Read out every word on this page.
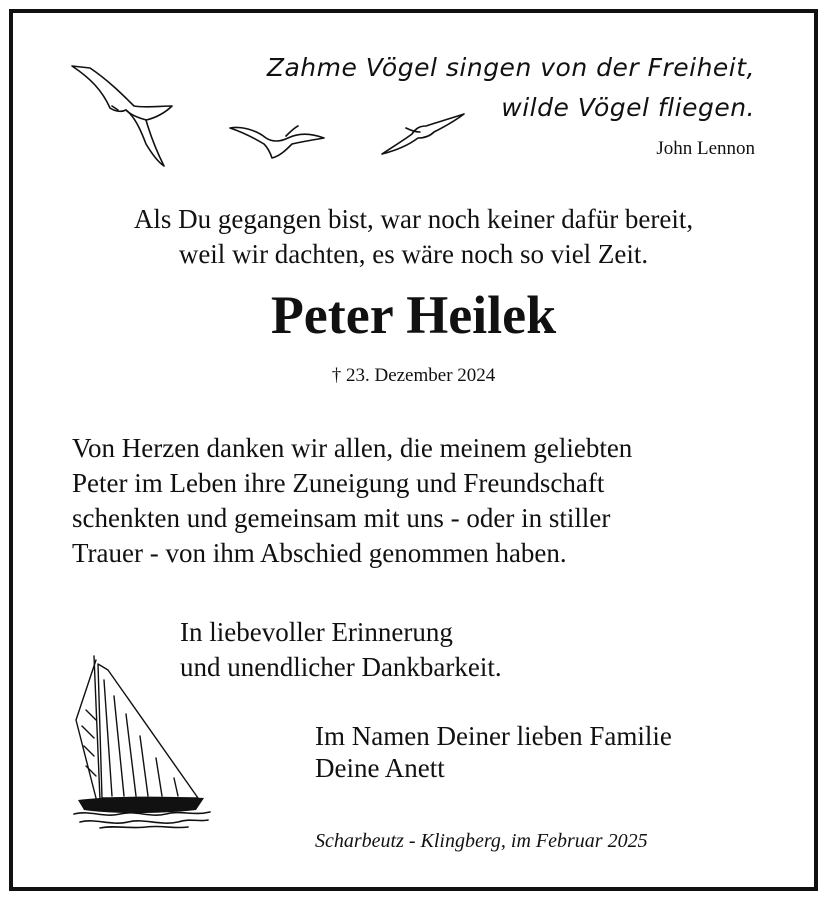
Zahme Vögel singen von der Freiheit,
wilde Vögel fliegen.
John Lennon
Als Du gegangen bist, war noch keiner dafür bereit,
weil wir dachten, es wäre noch so viel Zeit.
Peter Heilek
† 23. Dezember 2024
Von Herzen danken wir allen, die meinem geliebten
Peter im Leben ihre Zuneigung und Freundschaft
schenkten und gemeinsam mit uns - oder in stiller
Trauer - von ihm Abschied genommen haben.
In liebevoller Erinnerung
und unendlicher Dankbarkeit.
Im Namen Deiner lieben Familie
Deine Anett
Scharbeutz - Klingberg, im Februar 2025
